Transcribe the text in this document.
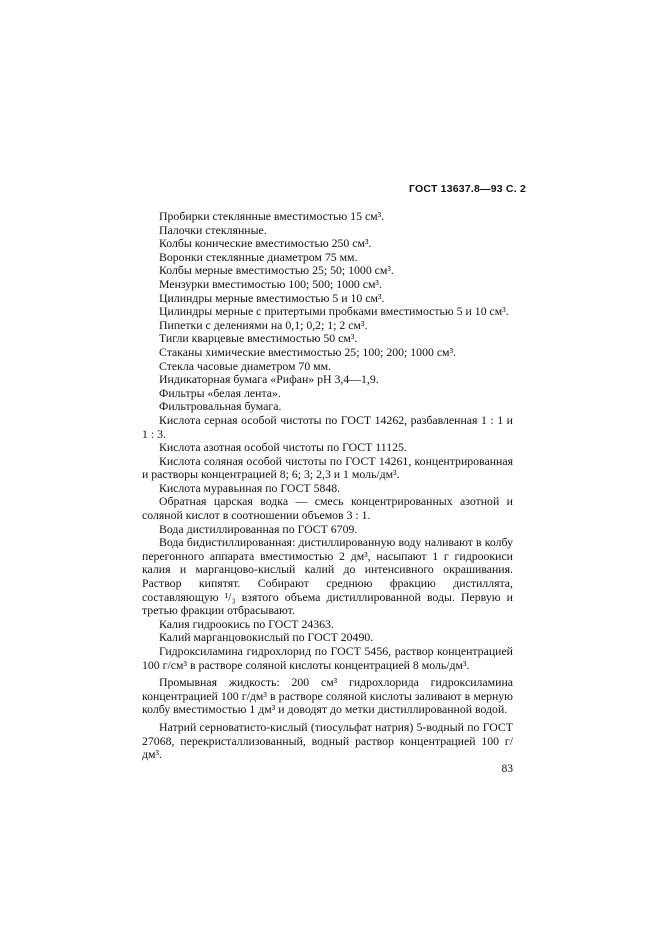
ГОСТ 13637.8—93 С. 2

Пробирки стеклянные вместимостью 15 см³.

Палочки стеклянные.

Колбы конические вместимостью 250 см³.

Воронки стеклянные диаметром 75 мм.

Колбы мерные вместимостью 25; 50; 1000 см³.

Мензурки вместимостью 100; 500; 1000 см³.

Цилиндры мерные вместимостью 5 и 10 см³.

Цилиндры мерные с притертыми пробками вместимостью 5 и 10 см³.

Пипетки с делениями на 0,1; 0,2; 1; 2 см³.

Тигли кварцевые вместимостью 50 см³.

Стаканы химические вместимостью 25; 100; 200; 1000 см³.

Стекла часовые диаметром 70 мм.

Индикаторная бумага «Рифан» рН 3,4—1,9.

Фильтры «белая лента».

Фильтровальная бумага.

Кислота серная особой чистоты по ГОСТ 14262, разбавленная 1 : 1 и 1 : 3.

Кислота азотная особой чистоты по ГОСТ 11125.

Кислота соляная особой чистоты по ГОСТ 14261, концентрированная и растворы концентрацией 8; 6; 3; 2,3 и 1 моль/дм³.

Кислота муравьиная по ГОСТ 5848.

Обратная царская водка — смесь концентрированных азотной и соляной кислот в соотношении объемов 3 : 1.

Вода дистиллированная по ГОСТ 6709.

Вода бидистиллированная: дистиллированную воду наливают в колбу перегонного аппарата вместимостью 2 дм³, насыпают 1 г гидроокиси калия и марганцово-кислый калий до интенсивного окрашивания. Раствор кипятят. Собирают среднюю фракцию дистиллята, составляющую ¹/₃ взятого объема дистиллированной воды. Первую и третью фракции отбрасывают.

Калия гидроокись по ГОСТ 24363.

Калий марганцовокислый по ГОСТ 20490.

Гидроксиламина гидрохлорид по ГОСТ 5456, раствор концентрацией 100 г/см³ в растворе соляной кислоты концентрацией 8 моль/дм³.

Промывная жидкость: 200 см³ гидрохлорида гидроксиламина концентрацией 100 г/дм³ в растворе соляной кислоты заливают в мерную колбу вместимостью 1 дм³ и доводят до метки дистиллированной водой.

Натрий серноватисто-кислый (тиосульфат натрия) 5-водный по ГОСТ 27068, перекристаллизованный, водный раствор концентрацией 100 г/дм³.

83
